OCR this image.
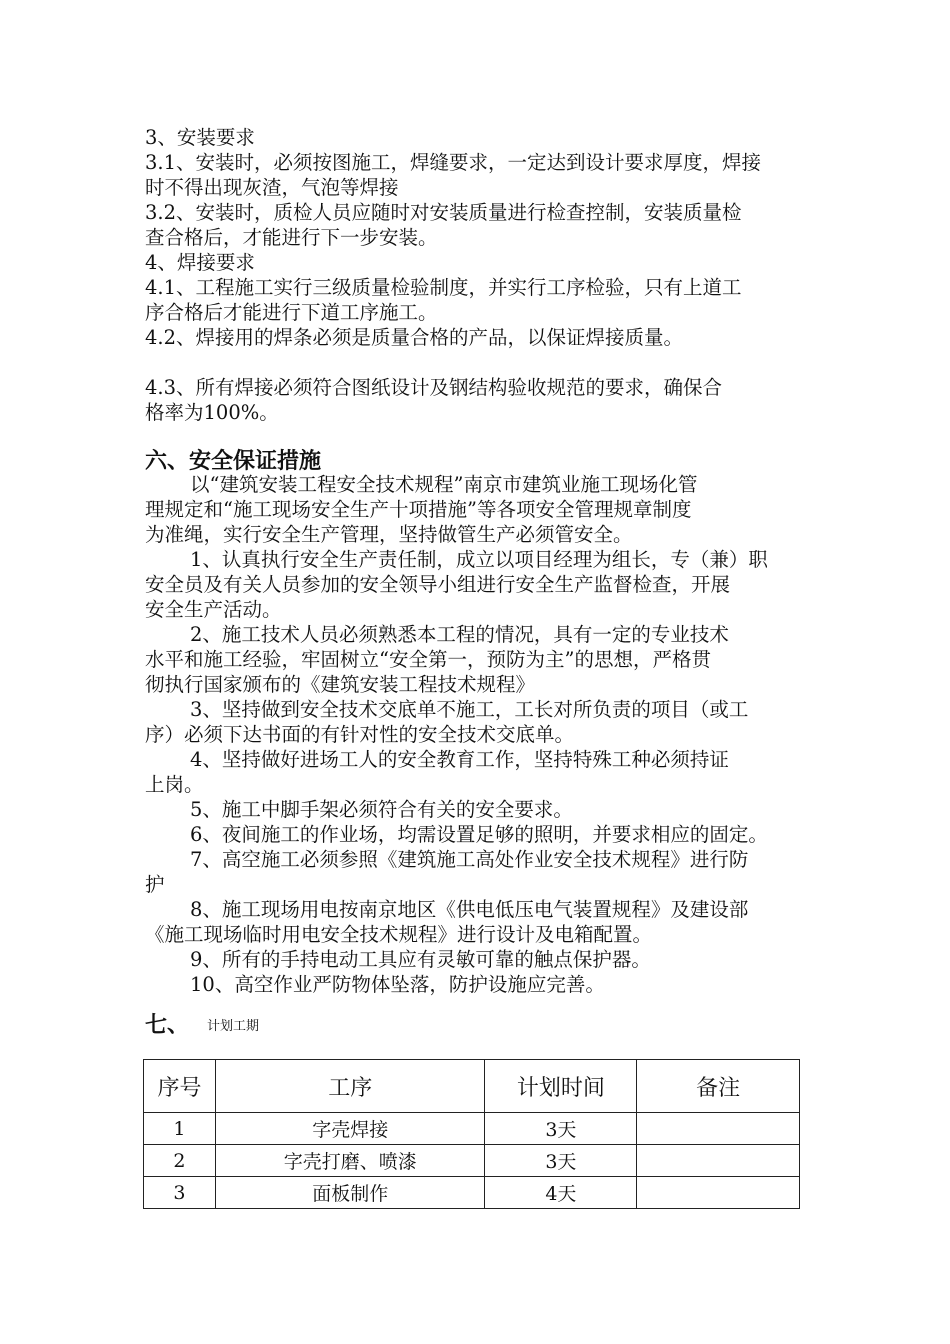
3、安装要求
3.1、安装时，必须按图施工，焊缝要求，一定达到设计要求厚度，焊接
时不得出现灰渣，气泡等焊接
3.2、安装时，质检人员应随时对安装质量进行检查控制，安装质量检
查合格后，才能进行下一步安装。
4、焊接要求
4.1、工程施工实行三级质量检验制度，并实行工序检验，只有上道工
序合格后才能进行下道工序施工。
4.2、焊接用的焊条必须是质量合格的产品，以保证焊接质量。
4.3、所有焊接必须符合图纸设计及钢结构验收规范的要求，确保合
格率为100%。
六、安全保证措施
以“建筑安装工程安全技术规程”南京市建筑业施工现场化管
理规定和“施工现场安全生产十项措施”等各项安全管理规章制度
为准绳，实行安全生产管理，坚持做管生产必须管安全。
1、认真执行安全生产责任制，成立以项目经理为组长，专（兼）职
安全员及有关人员参加的安全领导小组进行安全生产监督检查，开展
安全生产活动。
2、施工技术人员必须熟悉本工程的情况，具有一定的专业技术
水平和施工经验，牢固树立“安全第一，预防为主”的思想，严格贯
彻执行国家颁布的《建筑安装工程技术规程》
3、坚持做到安全技术交底单不施工，工长对所负责的项目（或工
序）必须下达书面的有针对性的安全技术交底单。
4、坚持做好进场工人的安全教育工作，坚持特殊工种必须持证
上岗。
5、施工中脚手架必须符合有关的安全要求。
6、夜间施工的作业场，均需设置足够的照明，并要求相应的固定。
7、高空施工必须参照《建筑施工高处作业安全技术规程》进行防
护
8、施工现场用电按南京地区《供电低压电气装置规程》及建设部
《施工现场临时用电安全技术规程》进行设计及电箱配置。
9、所有的手持电动工具应有灵敏可靠的触点保护器。
10、高空作业严防物体坠落，防护设施应完善。
七、 计划工期
序号	工序	计划时间	备注
1	字壳焊接	3天	
2	字壳打磨、喷漆	3天	
3	面板制作	4天	
